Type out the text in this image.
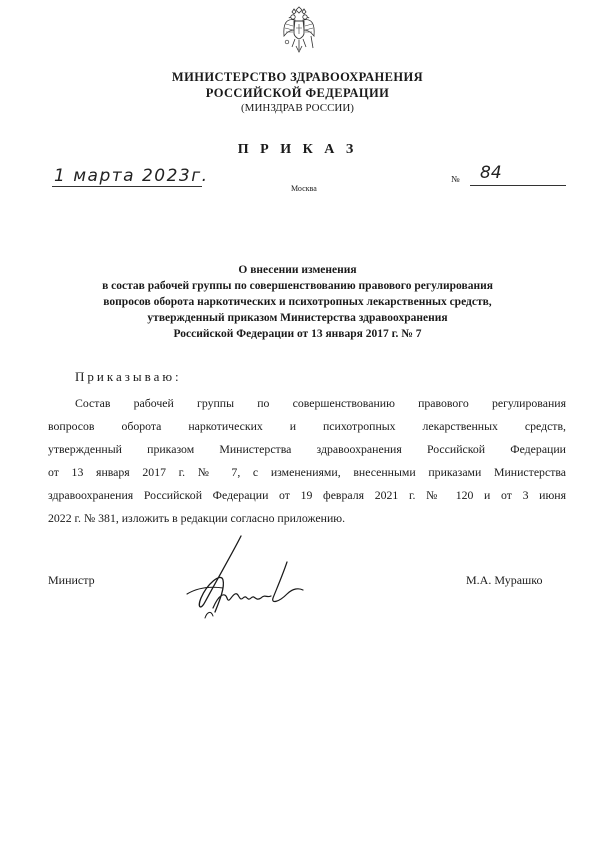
МИНИСТЕРСТВО ЗДРАВООХРАНЕНИЯ
РОССИЙСКОЙ ФЕДЕРАЦИИ
(МИНЗДРАВ РОССИИ)
П Р И К А З
1 марта 2023г.
Москва
№ 84
О внесении изменения
в состав рабочей группы по совершенствованию правового регулирования
вопросов оборота наркотических и психотропных лекарственных средств,
утвержденный приказом Министерства здравоохранения
Российской Федерации от 13 января 2017 г. № 7
Приказываю:
Состав рабочей группы по совершенствованию правового регулирования
вопросов оборота наркотических и психотропных лекарственных средств,
утвержденный приказом Министерства здравоохранения Российской Федерации
от 13 января 2017 г. № 7, с изменениями, внесенными приказами Министерства
здравоохранения Российской Федерации от 19 февраля 2021 г. № 120 и от 3 июня
2022 г. № 381, изложить в редакции согласно приложению.
Министр	М.А. Мурашко
